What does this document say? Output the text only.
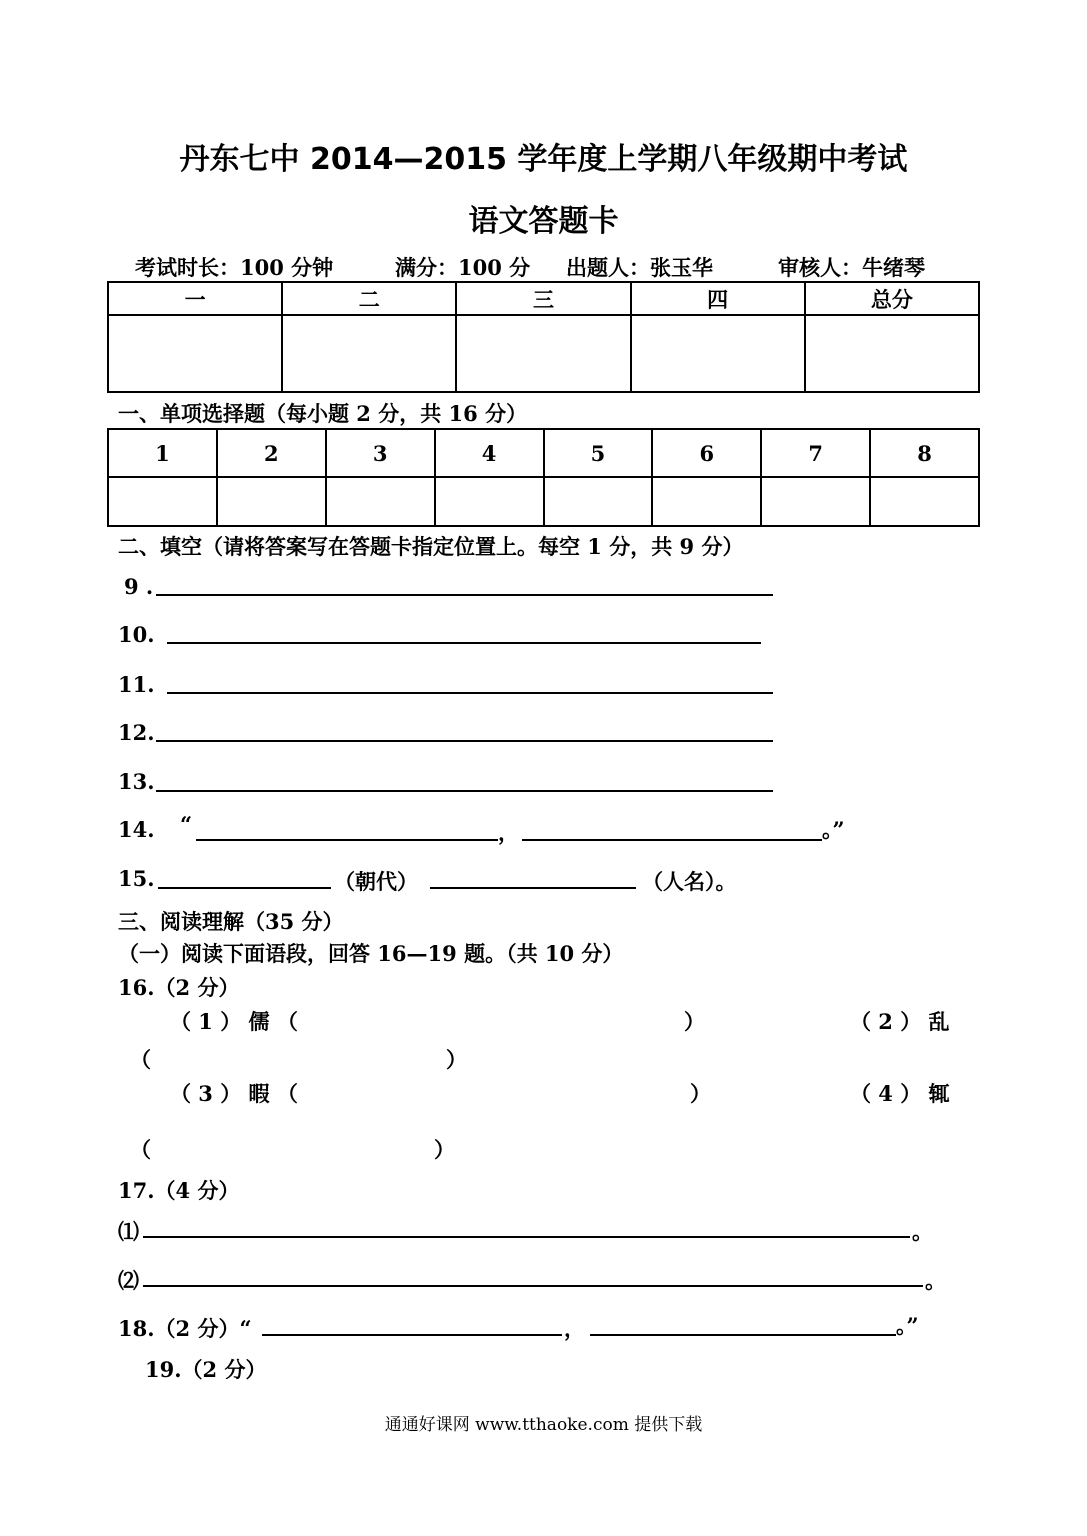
丹东七中 2014—2015 学年度上学期八年级期中考试
语文答题卡
考试时长：100 分钟	满分：100 分 出题人：张玉华	审核人：牛绪琴
一	二	三	四	总分

一、单项选择题（每小题 2 分，共 16 分）
1	2	3	4	5	6	7	8

二、填空（请将答案写在答题卡指定位置上。每空 1 分，共 9 分）
9 .
10.
11.
12.
13.
14. “	，	。”
15.	（朝代）	（人名）。
三、阅读理解（35 分）
（一）阅读下面语段，回答 16—19 题。（共 10 分）
16.（2 分）
（ 1 ） 儒 （	）	（ 2 ） 乱
（	）
（ 3 ） 暇 （	）	（ 4 ） 辄
（	）
17.（4 分）
⑴	。
⑵	。
18.（2 分）“	，	。”
19.（2 分）
通通好课网 www.tthaoke.com 提供下载
